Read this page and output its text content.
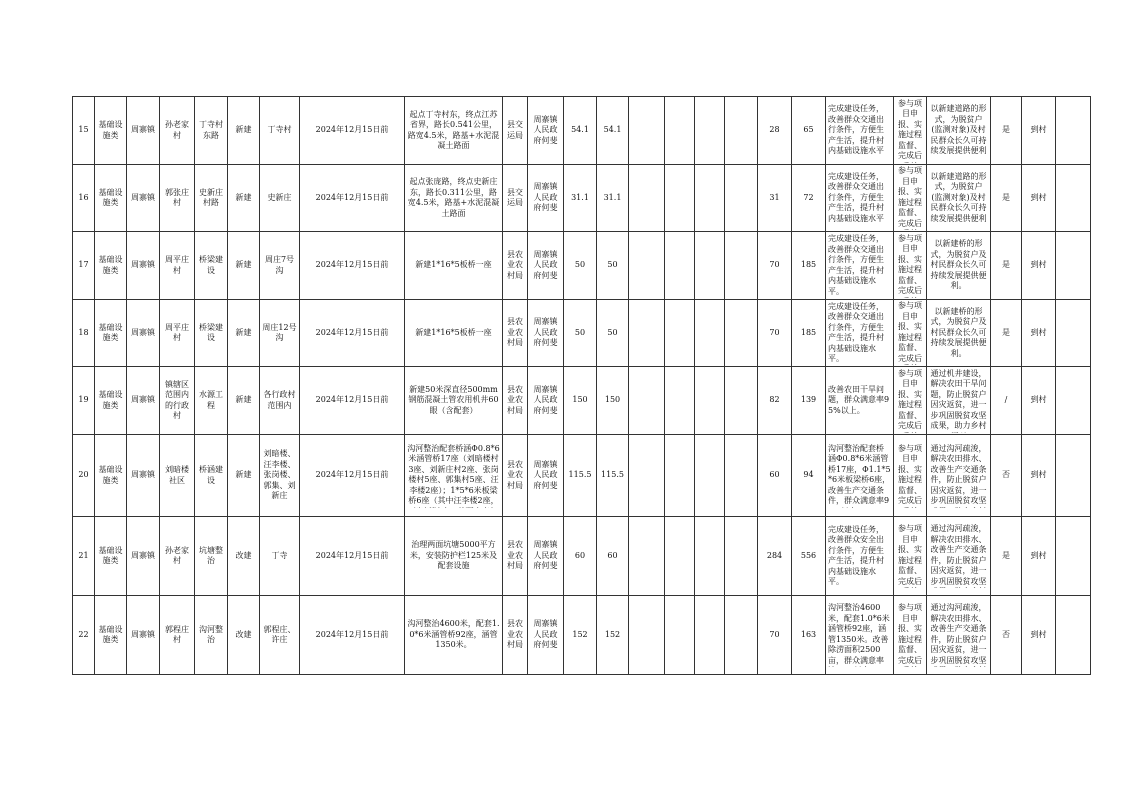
15	基础设施类	周寨镇	孙老家村	丁寺村东路	新建	丁寺村	2024年12月15日前	起点丁寺村东，终点江苏省界，路长0.541公里，路宽4.5米，路基+水泥混凝土路面	县交运局	周寨镇人民政府何斐	54.1	54.1					28	65	完成建设任务，改善群众交通出行条件，方便生产生活，提升村内基础设施水平	参与项目申报、实施过程监督、完成后	以新建道路的形式，为脱贫户(监测对象)及村民群众长久可持续发展提供便利	是	到村	

16	基础设施类	周寨镇	郭张庄村	史新庄村路	新建	史新庄	2024年12月15日前	起点张庞路，终点史新庄东，路长0.311公里，路宽4.5米，路基+水泥混凝土路面	县交运局	周寨镇人民政府何斐	31.1	31.1					31	72	完成建设任务，改善群众交通出行条件，方便生产生活，提升村内基础设施水平	参与项目申报、实施过程监督、完成后	以新建道路的形式，为脱贫户(监测对象)及村民群众长久可持续发展提供便利	是	到村	

17	基础设施类	周寨镇	周平庄村	桥梁建设	新建	周庄7号沟	2024年12月15日前	新建1*16*5板桥一座	县农业农村局	周寨镇人民政府何斐	50	50					70	185	完成建设任务，改善群众交通出行条件，方便生产生活，提升村内基础设施水平。	参与项目申报、实施过程监督、完成后	以新建桥的形式，为脱贫户及村民群众长久可持续发展提供便利。	是	到村	

18	基础设施类	周寨镇	周平庄村	桥梁建设	新建	周庄12号沟	2024年12月15日前	新建1*16*5板桥一座	县农业农村局	周寨镇人民政府何斐	50	50					70	185	完成建设任务，改善群众交通出行条件，方便生产生活，提升村内基础设施水平。	参与项目申报、实施过程监督、完成后	以新建桥的形式，为脱贫户及村民群众长久可持续发展提供便利。	是	到村	

19	基础设施类	周寨镇	镇辖区范围内的行政村	水源工程	新建	各行政村范围内	2024年12月15日前	新建50米深直径500mm钢筋混凝土管农用机井60眼（含配套）	县农业农村局	周寨镇人民政府何斐	150	150					82	139	改善农田干旱问题，群众满意率95%以上。	参与项目申报、实施过程监督、完成后	通过机井建设，解决农田干旱问题，防止脱贫户因灾返贫，进一步巩固脱贫攻坚成果，助力乡村	/	到村	

20	基础设施类	周寨镇	刘暗楼社区	桥涵建设	新建	刘暗楼、汪李楼、张岗楼、郭集、刘新庄	2024年12月15日前	沟河整治配套桥涵Φ0.8*6米涵管桥17座（刘暗楼村3座、刘新庄村2座、张岗楼村5座、郭集村5座、汪李楼2座）；1*5*6米板梁桥6座（其中汪李楼2座，	县农业农村局	周寨镇人民政府何斐	115.5	115.5					60	94	沟河整治配套桥涵Φ0.8*6米涵管桥17座，Φ1.1*5*6米板梁桥6座，改善生产交通条件，群众满意率9	参与项目申报、实施过程监督、完成后	通过沟河疏浚，解决农田排水、改善生产交通条件，防止脱贫户因灾返贫，进一步巩固脱贫攻坚	否	到村	

21	基础设施类	周寨镇	孙老家村	坑塘整治	改建	丁寺	2024年12月15日前	治理两面坑塘5000平方米，安装防护栏125米及配套设施	县农业农村局	周寨镇人民政府何斐	60	60					284	556	完成建设任务，改善群众安全出行条件，方便生产生活，提升村内基础设施水平。	参与项目申报、实施过程监督、完成后	通过沟河疏浚，解决农田排水、改善生产交通条件，防止脱贫户因灾返贫，进一步巩固脱贫攻坚	是	到村	

22	基础设施类	周寨镇	郭程庄村	沟河整治	改建	郭程庄、许庄	2024年12月15日前	沟河整治4600米，配套1.0*6米涵管桥92座，涵管1350米。	县农业农村局	周寨镇人民政府何斐	152	152					70	163	沟河整治4600米，配套1.0*6米涵管桥92座，涵管1350米。改善除涝面积2500亩，群众满意率	参与项目申报、实施过程监督、完成后	通过沟河疏浚，解决农田排水、改善生产交通条件，防止脱贫户因灾返贫，进一步巩固脱贫攻坚	否	到村	
